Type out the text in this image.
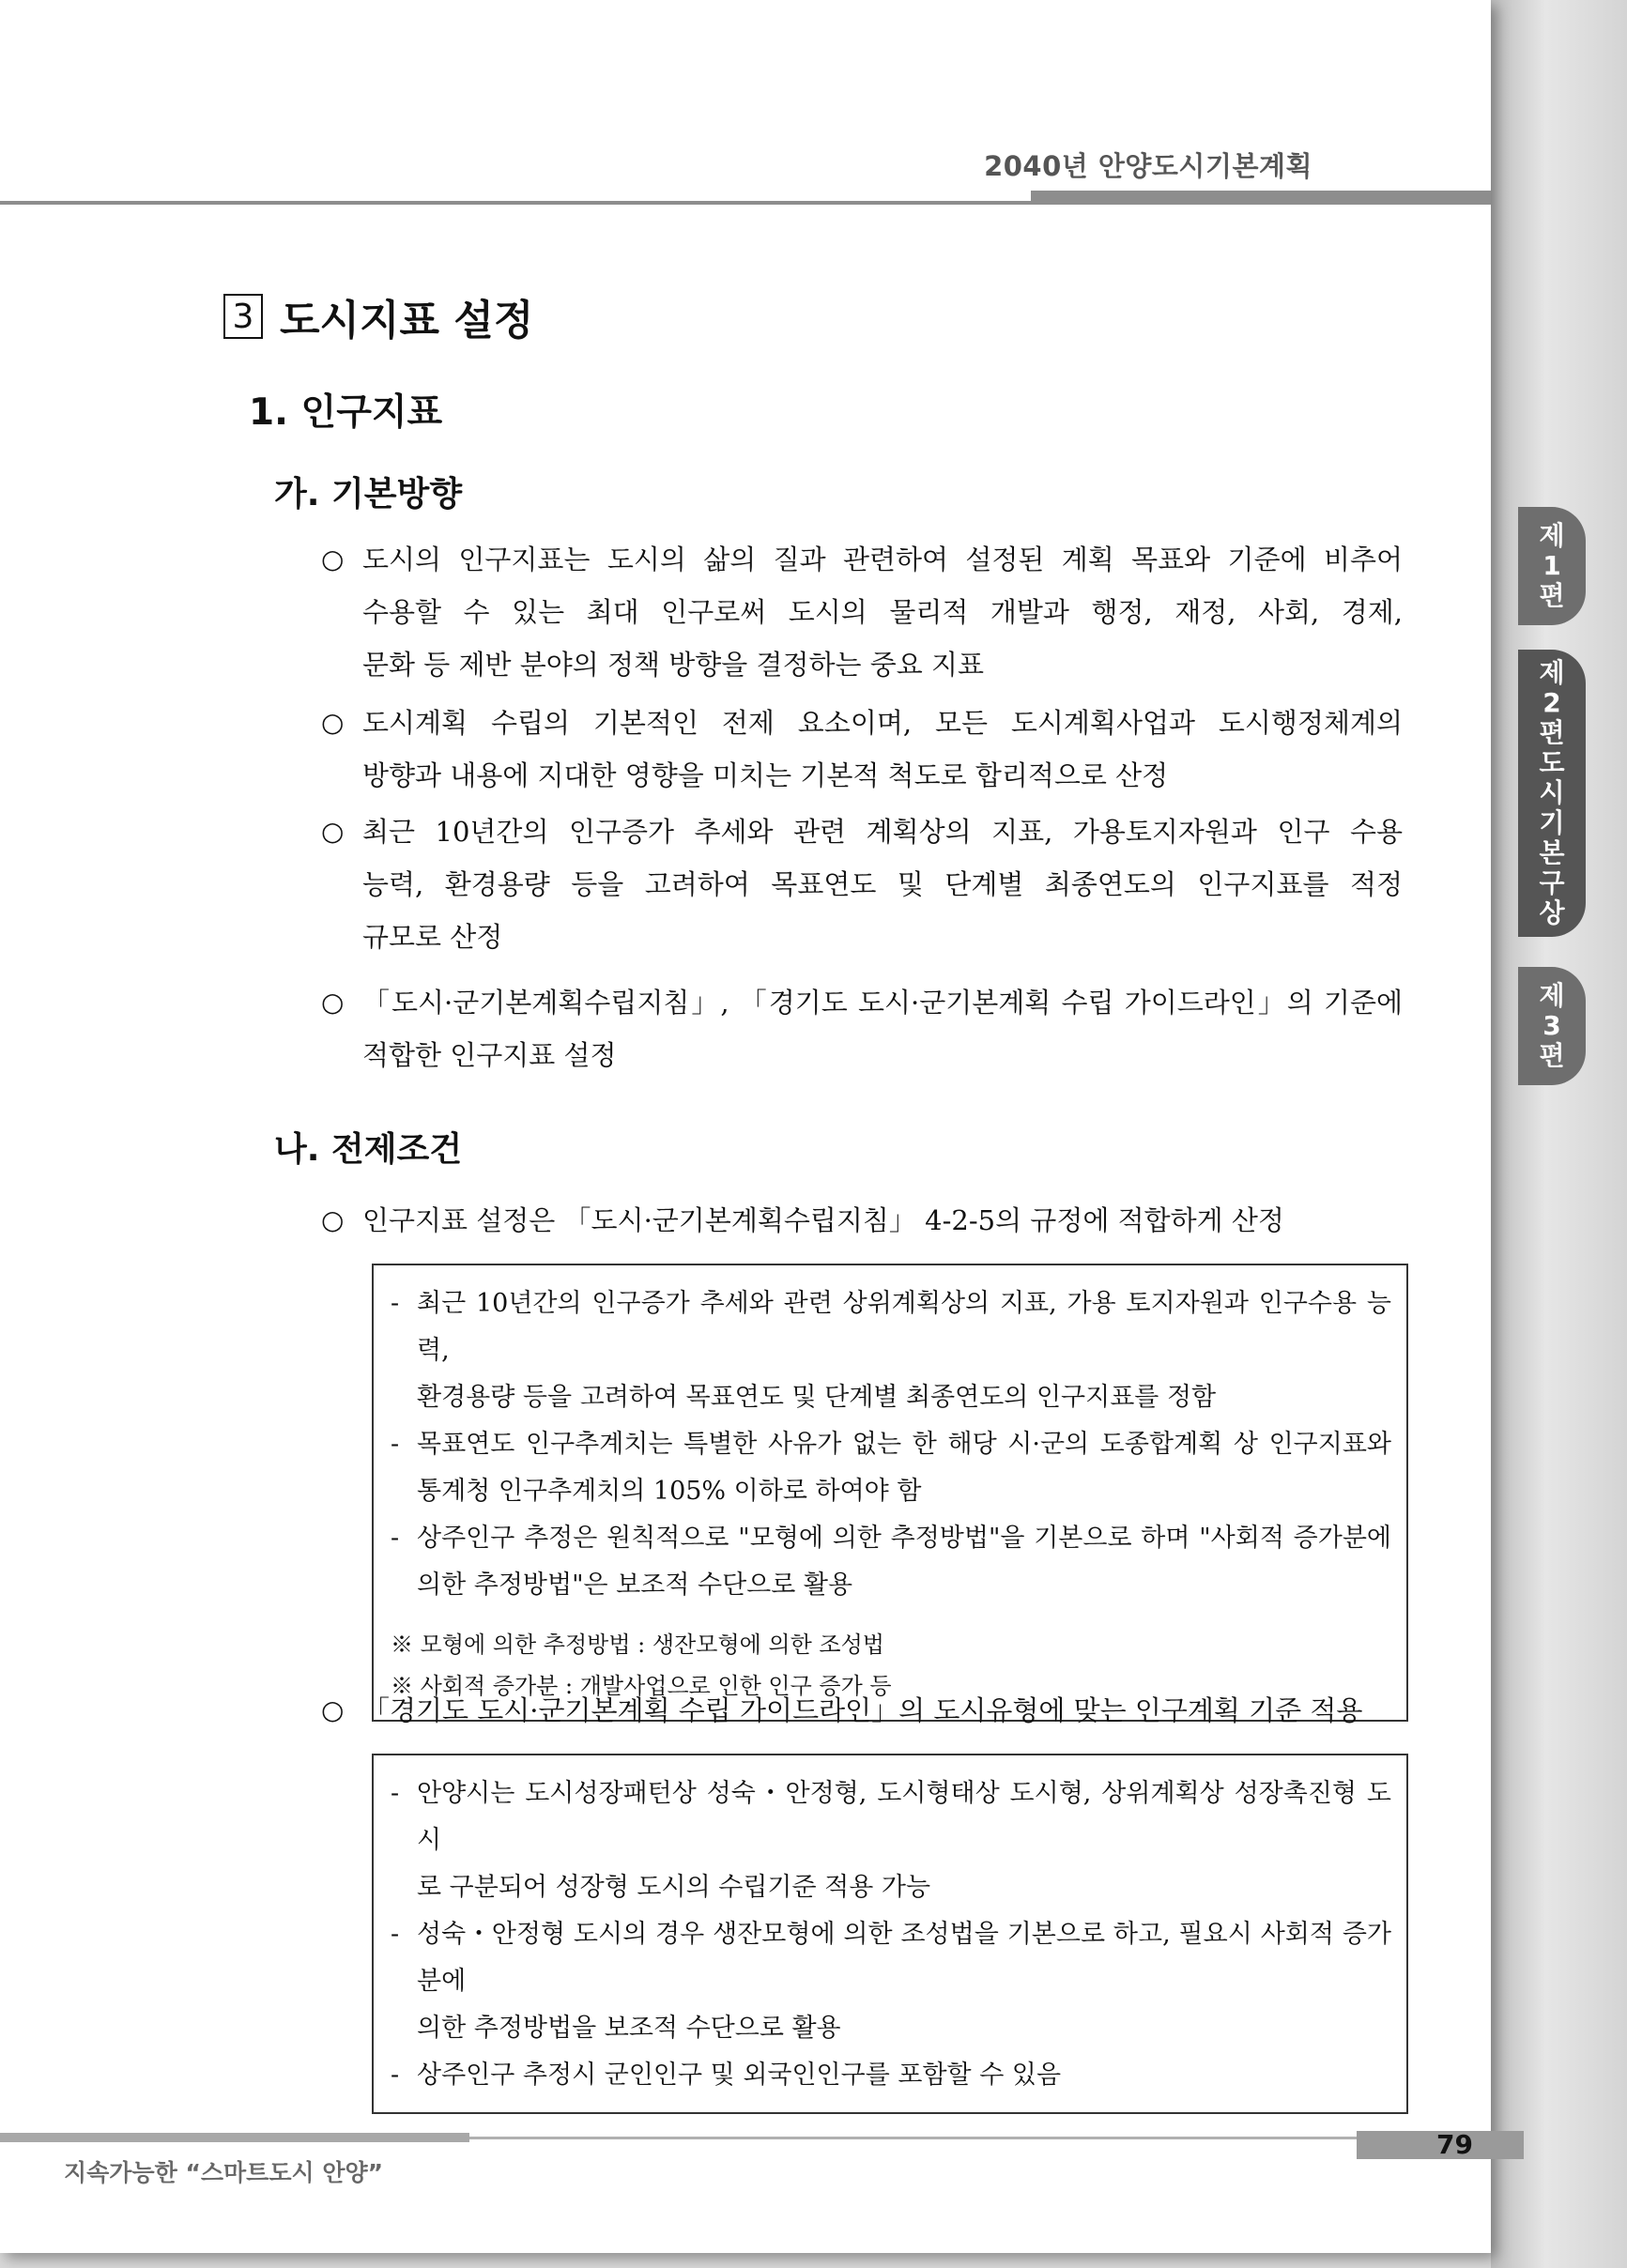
2040년 안양도시기본계획
3 도시지표 설정
1. 인구지표
가. 기본방향
○ 도시의 인구지표는 도시의 삶의 질과 관련하여 설정된 계획 목표와 기준에 비추어

수용할 수 있는 최대 인구로써 도시의 물리적 개발과 행정, 재정, 사회, 경제,

문화 등 제반 분야의 정책 방향을 결정하는 중요 지표

○ 도시계획 수립의 기본적인 전제 요소이며, 모든 도시계획사업과 도시행정체계의

방향과 내용에 지대한 영향을 미치는 기본적 척도로 합리적으로 산정

○ 최근 10년간의 인구증가 추세와 관련 계획상의 지표, 가용토지자원과 인구 수용

능력, 환경용량 등을 고려하여 목표연도 및 단계별 최종연도의 인구지표를 적정

규모로 산정

○ 「도시·군기본계획수립지침」, 「경기도 도시·군기본계획 수립 가이드라인」의 기준에

적합한 인구지표 설정

나. 전제조건
○ 인구지표 설정은 「도시·군기본계획수립지침」 4-2-5의 규정에 적합하게 산정

- 최근 10년간의 인구증가 추세와 관련 상위계획상의 지표, 가용 토지자원과 인구수용 능력,

환경용량 등을 고려하여 목표연도 및 단계별 최종연도의 인구지표를 정함

- 목표연도 인구추계치는 특별한 사유가 없는 한 해당 시·군의 도종합계획 상 인구지표와

통계청 인구추계치의 105% 이하로 하여야 함

- 상주인구 추정은 원칙적으로 "모형에 의한 추정방법"을 기본으로 하며 "사회적 증가분에

의한 추정방법"은 보조적 수단으로 활용

※ 모형에 의한 추정방법 : 생잔모형에 의한 조성법
※ 사회적 증가분 : 개발사업으로 인한 인구 증가 등
○ 「경기도 도시·군기본계획 수립 가이드라인」의 도시유형에 맞는 인구계획 기준 적용

- 안양시는 도시성장패턴상 성숙・안정형, 도시형태상 도시형, 상위계획상 성장촉진형 도시

로 구분되어 성장형 도시의 수립기준 적용 가능

- 성숙・안정형 도시의 경우 생잔모형에 의한 조성법을 기본으로 하고, 필요시 사회적 증가분에

의한 추정방법을 보조적 수단으로 활용

- 상주인구 추정시 군인인구 및 외국인인구를 포함할 수 있음

지속가능한 “스마트도시 안양”
79
제
1
편
제
2
편
도
시
기
본
구
상
제
3
편
